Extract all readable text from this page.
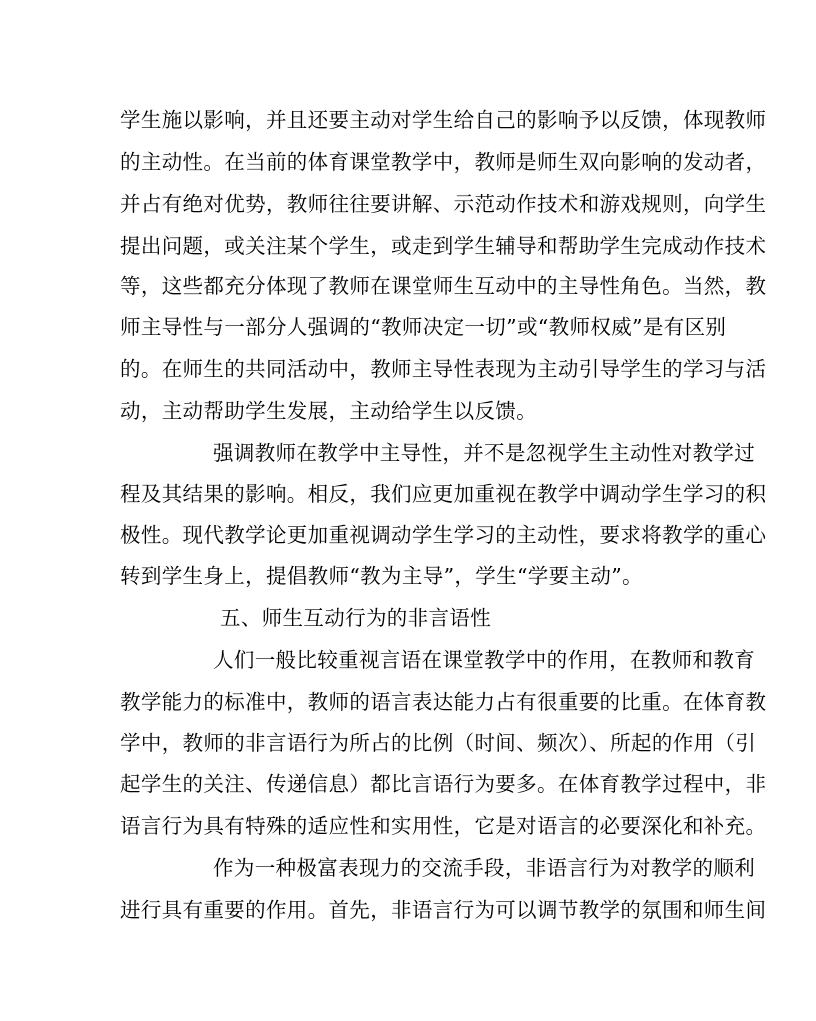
学生施以影响，并且还要主动对学生给自己的影响予以反馈，体现教师
的主动性。在当前的体育课堂教学中，教师是师生双向影响的发动者，
并占有绝对优势，教师往往要讲解、示范动作技术和游戏规则，向学生
提出问题，或关注某个学生，或走到学生辅导和帮助学生完成动作技术
等，这些都充分体现了教师在课堂师生互动中的主导性角色。当然，教
师主导性与一部分人强调的“教师决定一切”或“教师权威”是有区别
的。在师生的共同活动中，教师主导性表现为主动引导学生的学习与活
动，主动帮助学生发展，主动给学生以反馈。
强调教师在教学中主导性，并不是忽视学生主动性对教学过
程及其结果的影响。相反，我们应更加重视在教学中调动学生学习的积
极性。现代教学论更加重视调动学生学习的主动性，要求将教学的重心
转到学生身上，提倡教师“教为主导”，学生“学要主动”。
五、师生互动行为的非言语性
人们一般比较重视言语在课堂教学中的作用，在教师和教育
教学能力的标准中，教师的语言表达能力占有很重要的比重。在体育教
学中，教师的非言语行为所占的比例（时间、频次）、所起的作用（引
起学生的关注、传递信息）都比言语行为要多。在体育教学过程中，非
语言行为具有特殊的适应性和实用性，它是对语言的必要深化和补充。
作为一种极富表现力的交流手段，非语言行为对教学的顺利
进行具有重要的作用。首先，非语言行为可以调节教学的氛围和师生间
